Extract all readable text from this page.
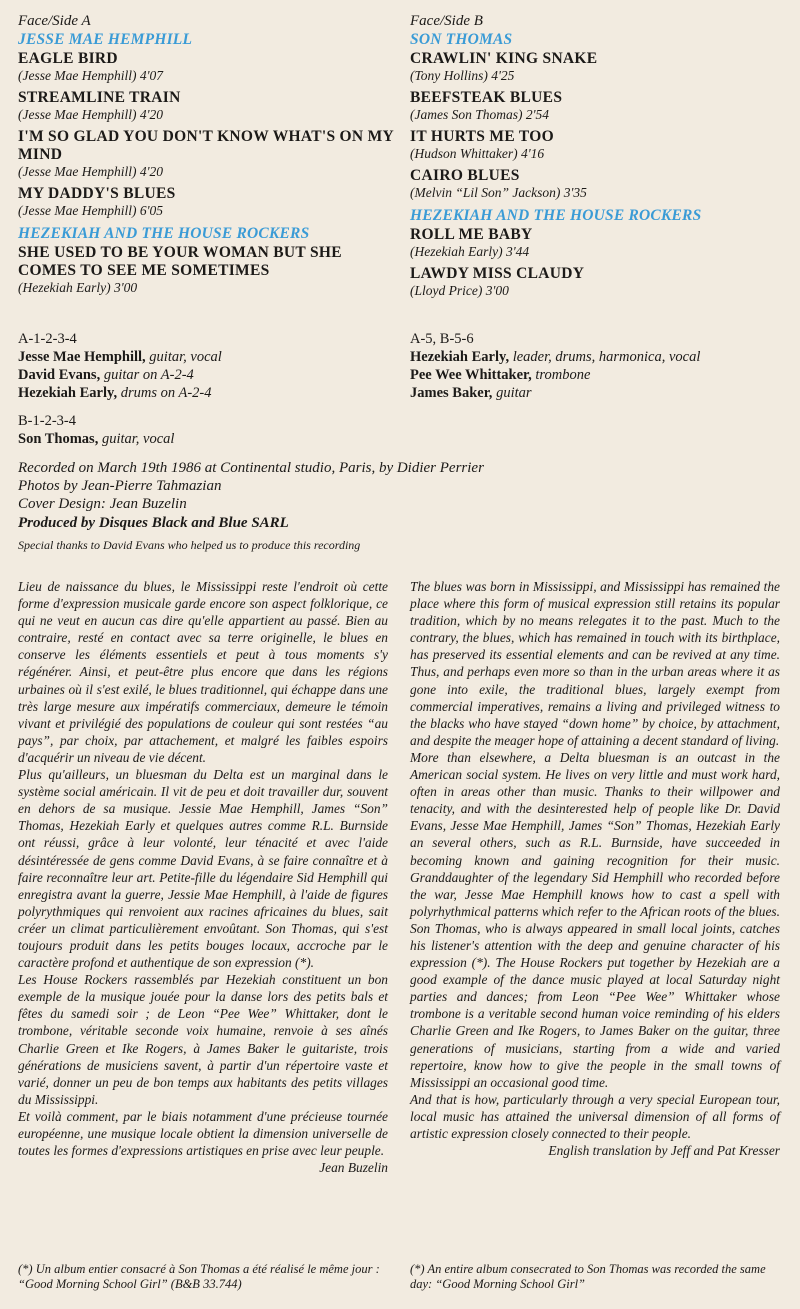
Face/Side A
JESSE MAE HEMPHILL
EAGLE BIRD
(Jesse Mae Hemphill) 4'07
STREAMLINE TRAIN
(Jesse Mae Hemphill) 4'20
I'M SO GLAD YOU DON'T KNOW WHAT'S ON MY MIND
(Jesse Mae Hemphill) 4'20
MY DADDY'S BLUES
(Jesse Mae Hemphill) 6'05
HEZEKIAH AND THE HOUSE ROCKERS
SHE USED TO BE YOUR WOMAN BUT SHE COMES TO SEE ME SOMETIMES
(Hezekiah Early) 3'00
Face/Side B
SON THOMAS
CRAWLIN' KING SNAKE
(Tony Hollins) 4'25
BEEFSTEAK BLUES
(James Son Thomas) 2'54
IT HURTS ME TOO
(Hudson Whittaker) 4'16
CAIRO BLUES
(Melvin “Lil Son” Jackson) 3'35
HEZEKIAH AND THE HOUSE ROCKERS
ROLL ME BABY
(Hezekiah Early) 3'44
LAWDY MISS CLAUDY
(Lloyd Price) 3'00
A-1-2-3-4
Jesse Mae Hemphill, guitar, vocal
David Evans, guitar on A-2-4
Hezekiah Early, drums on A-2-4
B-1-2-3-4
Son Thomas, guitar, vocal
A-5, B-5-6
Hezekiah Early, leader, drums, harmonica, vocal
Pee Wee Whittaker, trombone
James Baker, guitar
Recorded on March 19th 1986 at Continental studio, Paris, by Didier Perrier
Photos by Jean-Pierre Tahmazian
Cover Design: Jean Buzelin
Produced by Disques Black and Blue SARL
Special thanks to David Evans who helped us to produce this recording

Lieu de naissance du blues, le Mississippi reste l'endroit où cette forme d'expression musicale garde encore son aspect folklorique, ce qui ne veut en aucun cas dire qu'elle appartient au passé. Bien au contraire, resté en contact avec sa terre originelle, le blues en conserve les éléments essentiels et peut à tous moments s'y régénérer. Ainsi, et peut-être plus encore que dans les régions urbaines où il s'est exilé, le blues traditionnel, qui échappe dans une très large mesure aux impératifs commerciaux, demeure le témoin vivant et privilégié des populations de couleur qui sont restées “au pays”, par choix, par attachement, et malgré les faibles espoirs d'acquérir un niveau de vie décent.

Plus qu'ailleurs, un bluesman du Delta est un marginal dans le système social américain. Il vit de peu et doit travailler dur, souvent en dehors de sa musique. Jessie Mae Hemphill, James “Son” Thomas, Hezekiah Early et quelques autres comme R.L. Burnside ont réussi, grâce à leur volonté, leur ténacité et avec l'aide désintéressée de gens comme David Evans, à se faire connaître et à faire reconnaître leur art. Petite-fille du légendaire Sid Hemphill qui enregistra avant la guerre, Jessie Mae Hemphill, à l'aide de figures polyrythmiques qui renvoient aux racines africaines du blues, sait créer un climat particulièrement envoûtant. Son Thomas, qui s'est toujours produit dans les petits bouges locaux, accroche par le caractère profond et authentique de son expression (*).

Les House Rockers rassemblés par Hezekiah constituent un bon exemple de la musique jouée pour la danse lors des petits bals et fêtes du samedi soir ; de Leon “Pee Wee” Whittaker, dont le trombone, véritable seconde voix humaine, renvoie à ses aînés Charlie Green et Ike Rogers, à James Baker le guitariste, trois générations de musiciens savent, à partir d'un répertoire vaste et varié, donner un peu de bon temps aux habitants des petits villages du Mississippi.

Et voilà comment, par le biais notamment d'une précieuse tournée européenne, une musique locale obtient la dimension universelle de toutes les formes d'expressions artistiques en prise avec leur peuple.

Jean Buzelin

The blues was born in Mississippi, and Mississippi has remained the place where this form of musical expression still retains its popular tradition, which by no means relegates it to the past. Much to the contrary, the blues, which has remained in touch with its birthplace, has preserved its essential elements and can be revived at any time. Thus, and perhaps even more so than in the urban areas where it as gone into exile, the traditional blues, largely exempt from commercial imperatives, remains a living and privileged witness to the blacks who have stayed “down home” by choice, by attachment, and despite the meager hope of attaining a decent standard of living.

More than elsewhere, a Delta bluesman is an outcast in the American social system. He lives on very little and must work hard, often in areas other than music. Thanks to their willpower and tenacity, and with the desinterested help of people like Dr. David Evans, Jesse Mae Hemphill, James “Son” Thomas, Hezekiah Early an several others, such as R.L. Burnside, have succeeded in becoming known and gaining recognition for their music. Granddaughter of the legendary Sid Hemphill who recorded before the war, Jesse Mae Hemphill knows how to cast a spell with polyrhythmical patterns which refer to the African roots of the blues. Son Thomas, who is always appeared in small local joints, catches his listener's attention with the deep and genuine character of his expression (*). The House Rockers put together by Hezekiah are a good example of the dance music played at local Saturday night parties and dances; from Leon “Pee Wee” Whittaker whose trombone is a veritable second human voice reminding of his elders Charlie Green and Ike Rogers, to James Baker on the guitar, three generations of musicians, starting from a wide and varied repertoire, know how to give the people in the small towns of Mississippi an occasional good time.

And that is how, particularly through a very special European tour, local music has attained the universal dimension of all forms of artistic expression closely connected to their people.

English translation by Jeff and Pat Kresser

(*) Un album entier consacré à Son Thomas a été réalisé le même jour : “Good Morning School Girl” (B&B 33.744)
(*) An entire album consecrated to Son Thomas was recorded the same day: “Good Morning School Girl”
